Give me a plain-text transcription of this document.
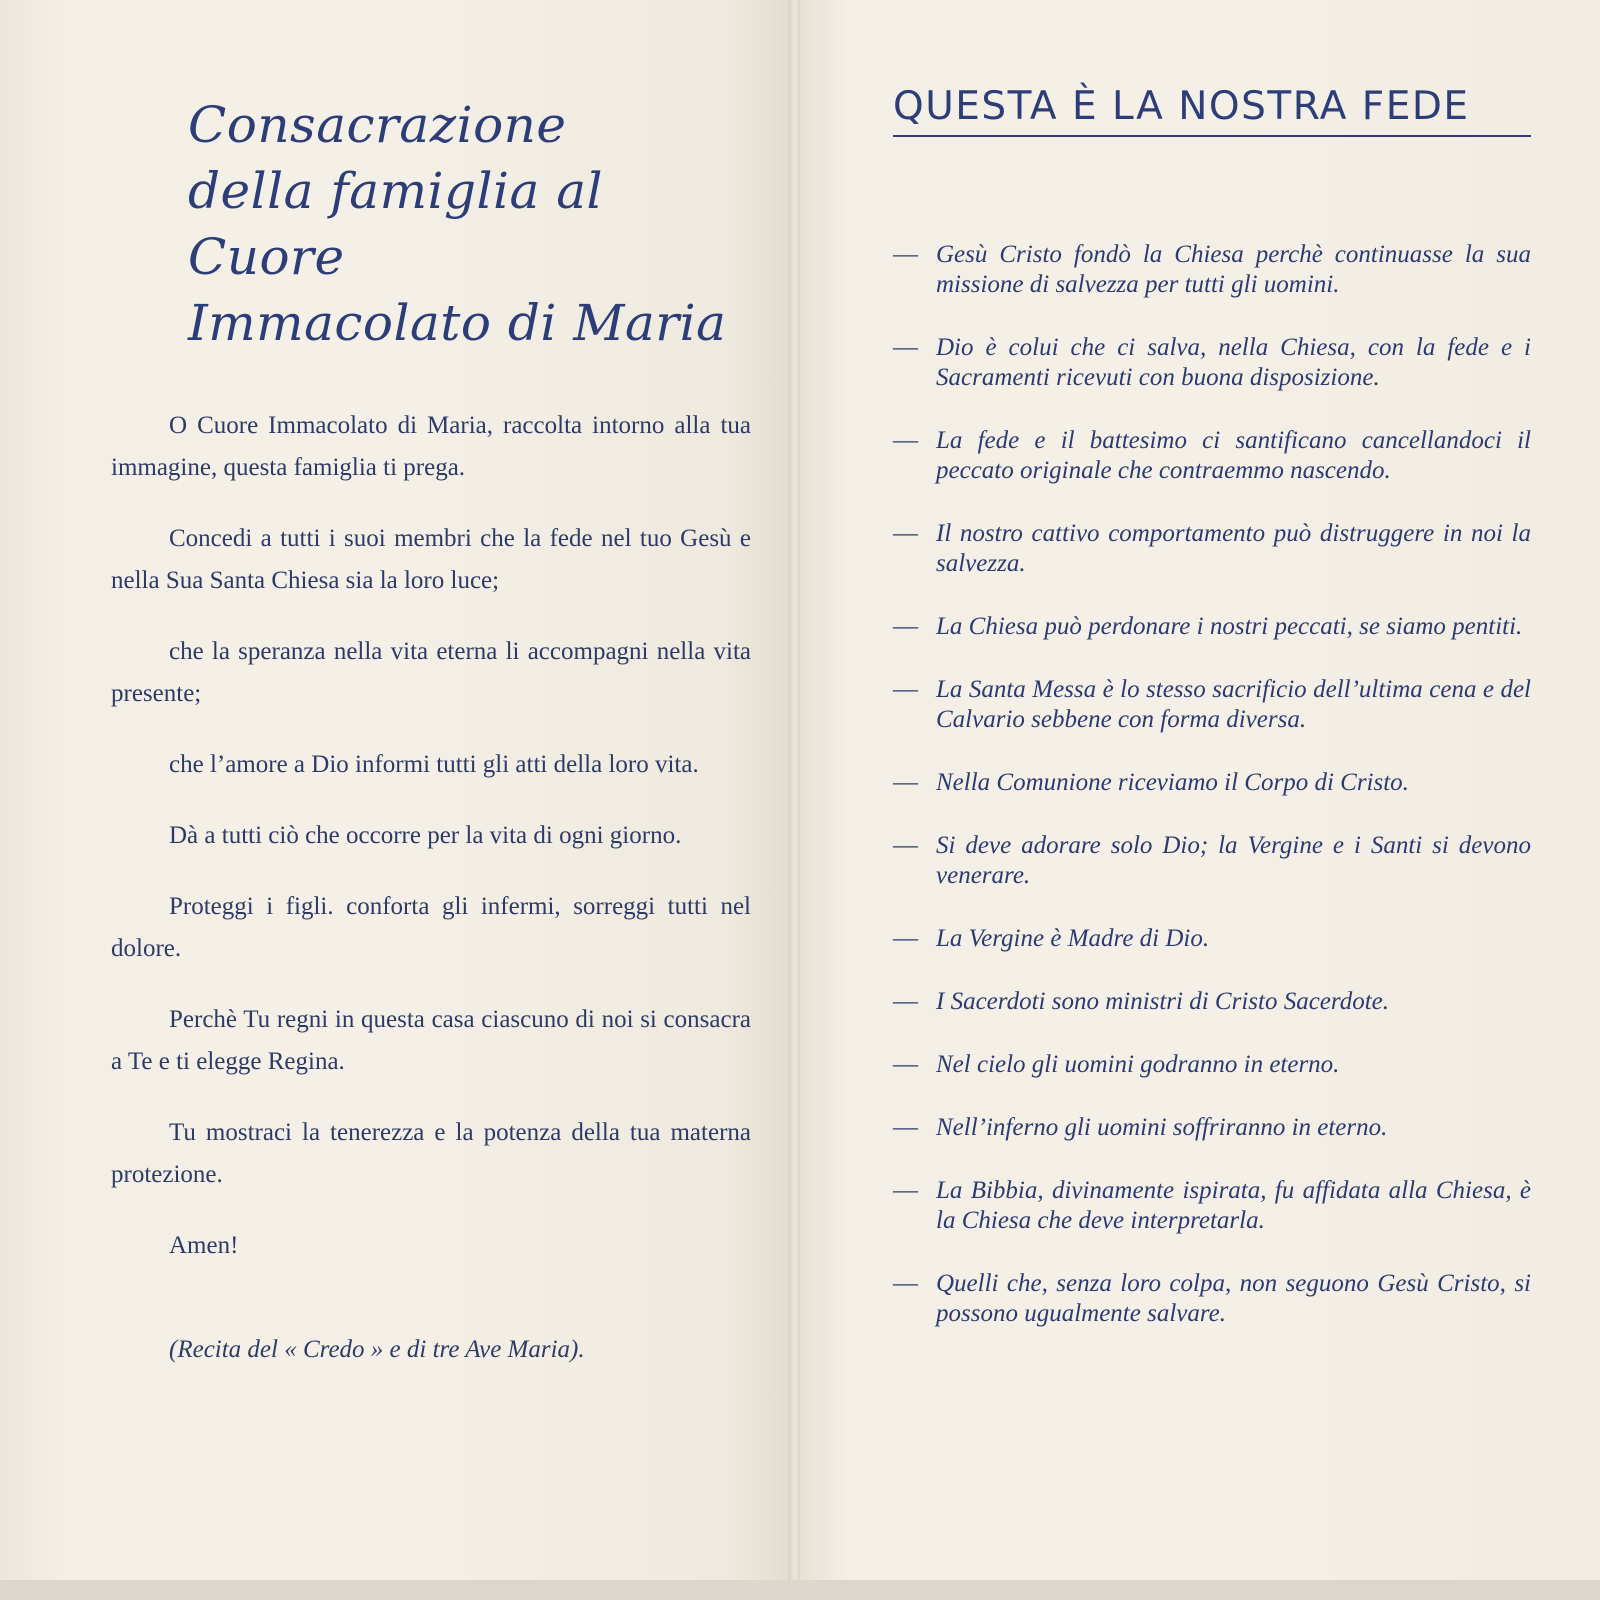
Consacrazione
della famiglia al Cuore
Immacolato di Maria

O Cuore Immacolato di Maria, raccolta intorno alla tua immagine, questa famiglia ti prega.

Concedi a tutti i suoi membri che la fede nel tuo Gesù e nella Sua Santa Chiesa sia la loro luce;

che la speranza nella vita eterna li accompagni nella vita presente;

che l’amore a Dio informi tutti gli atti della loro vita.

Dà a tutti ciò che occorre per la vita di ogni giorno.

Proteggi i figli. conforta gli infermi, sorreggi tutti nel dolore.

Perchè Tu regni in questa casa ciascuno di noi si consacra a Te e ti elegge Regina.

Tu mostraci la tenerezza e la potenza della tua materna protezione.

Amen!

(Recita del « Credo » e di tre Ave Maria).

QUESTA È LA NOSTRA FEDE
— Gesù Cristo fondò la Chiesa perchè continuasse la sua missione di salvezza per tutti gli uomini.
— Dio è colui che ci salva, nella Chiesa, con la fede e i Sacramenti ricevuti con buona disposizione.
— La fede e il battesimo ci santificano cancellandoci il peccato originale che contraemmo nascendo.
— Il nostro cattivo comportamento può distruggere in noi la salvezza.
— La Chiesa può perdonare i nostri peccati, se siamo pentiti.
— La Santa Messa è lo stesso sacrificio dell’ultima cena e del Calvario sebbene con forma diversa.
— Nella Comunione riceviamo il Corpo di Cristo.
— Si deve adorare solo Dio; la Vergine e i Santi si devono venerare.
— La Vergine è Madre di Dio.
— I Sacerdoti sono ministri di Cristo Sacerdote.
— Nel cielo gli uomini godranno in eterno.
— Nell’inferno gli uomini soffriranno in eterno.
— La Bibbia, divinamente ispirata, fu affidata alla Chiesa, è la Chiesa che deve interpretarla.
— Quelli che, senza loro colpa, non seguono Gesù Cristo, si possono ugualmente salvare.
